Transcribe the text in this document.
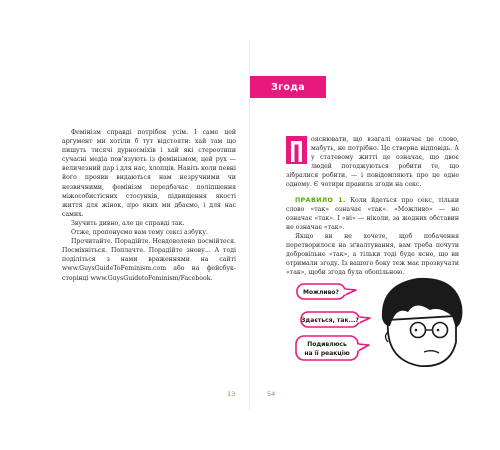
Фемінізм справді потрібен усім. І саме цей аргумент ми хотіли б тут відстояти: хай там що пишуть тисячі дурносміхів і хай які стереотипи сучасні медіа пов’язують із фемінізмом, цей рух — величезний дар і для нас, хлопців. Навіть коли певні його прояви видаються нам незручними чи незвичними, фемінізм передбачає поліпшення міжособистісних стосунків, підвищення якості життя для жінок, про яких ми дбаємо, і для нас самих.

Звучить дивно, але це справді так.

Отже, пропонуємо вам тему сексі азбуку.

Прочитайте. Порадійте. Невдоволено посмійтеся. Посміхніться. Поплачте. Порадійте знову... А тоді поділіться з нами враженнями на сайті www.GuysGuideToFeminism.com або на фейсбук-сторінці www.GuysGuidetoFeminism/Facebook.

13
Згода

ояснювати, що взагалі означає це слово, мабуть, не потрібно. Це стверна відповідь. А у статевому житті це означає, що двоє людей погоджуються робити те, що зібралися робити, — і повідомляють про це одне одному. Є чотири правила згоди на секс.

ПРАВИЛО 1. Коли йдеться про секс, тільки слово «так» означає «так». «Можливо» — не означає «так». І «ні» — ніколи, за жодних обставин не означає «так».

Якщо ви не хочете, щоб побачення перетворилося на зґвалтування, вам треба почути добровільне «так», а тільки тоді буде ясно, що ви отримали згоду. Із вашого боку теж має прозвучати «так», щоби згода була обопільною.

Можливо?
Здається, так...?
Подивлюсь
на її реакцію
54
